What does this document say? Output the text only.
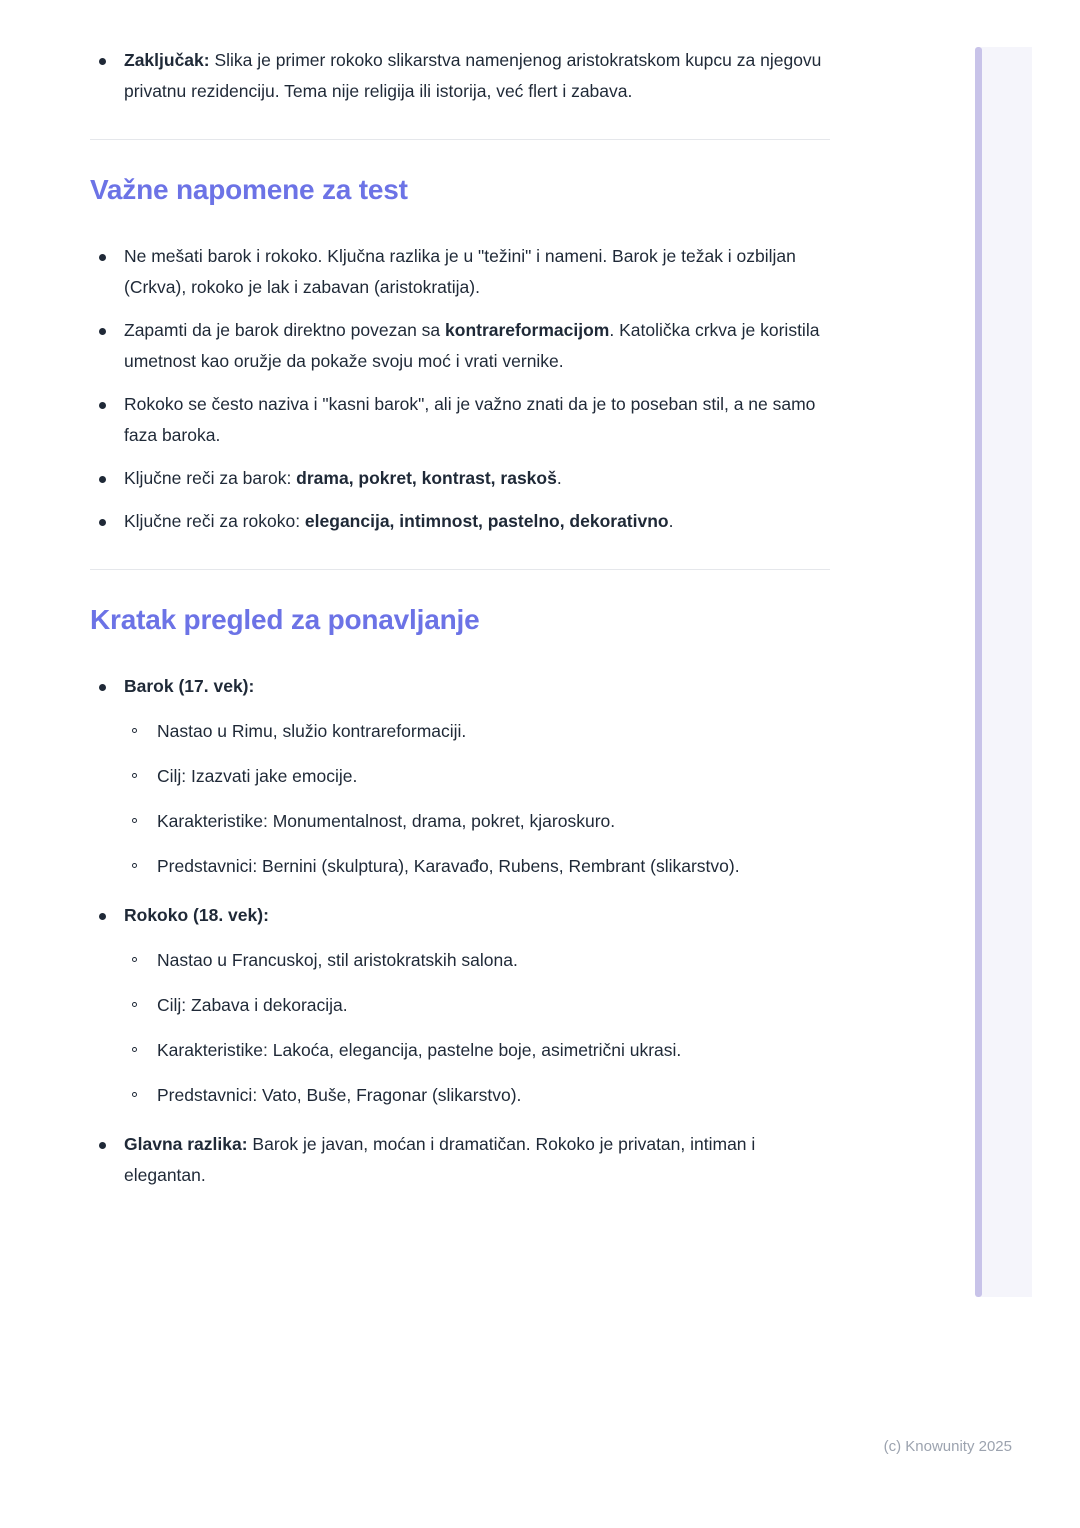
Zaključak: Slika je primer rokoko slikarstva namenjenog aristokratskom kupcu za njegovu privatnu rezidenciju. Tema nije religija ili istorija, već flert i zabava.
Važne napomene za test
Ne mešati barok i rokoko. Ključna razlika je u "težini" i nameni. Barok je težak i ozbiljan (Crkva), rokoko je lak i zabavan (aristokratija).
Zapamti da je barok direktno povezan sa kontrareformacijom. Katolička crkva je koristila umetnost kao oružje da pokaže svoju moć i vrati vernike.
Rokoko se često naziva i "kasni barok", ali je važno znati da je to poseban stil, a ne samo faza baroka.
Ključne reči za barok: drama, pokret, kontrast, raskoš.
Ključne reči za rokoko: elegancija, intimnost, pastelno, dekorativno.
Kratak pregled za ponavljanje
Barok (17. vek):
Nastao u Rimu, služio kontrareformaciji.
Cilj: Izazvati jake emocije.
Karakteristike: Monumentalnost, drama, pokret, kjaroskuro.
Predstavnici: Bernini (skulptura), Karavađo, Rubens, Rembrant (slikarstvo).
Rokoko (18. vek):
Nastao u Francuskoj, stil aristokratskih salona.
Cilj: Zabava i dekoracija.
Karakteristike: Lakoća, elegancija, pastelne boje, asimetrični ukrasi.
Predstavnici: Vato, Buše, Fragonar (slikarstvo).
Glavna razlika: Barok je javan, moćan i dramatičan. Rokoko je privatan, intiman i elegantan.
(c) Knowunity 2025
